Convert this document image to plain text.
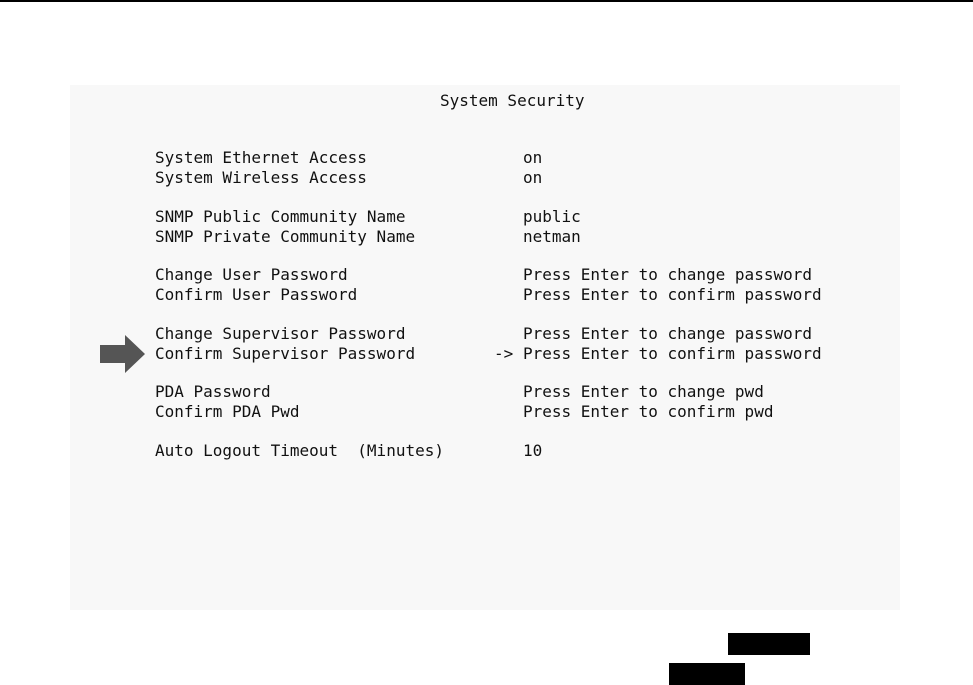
System Security
System Ethernet Access	on
System Wireless Access	on
SNMP Public Community Name	public
SNMP Private Community Name	netman
Change User Password	Press Enter to change password
Confirm User Password	Press Enter to confirm password
Change Supervisor Password	Press Enter to change password
Confirm Supervisor Password	-> Press Enter to confirm password
PDA Password	Press Enter to change pwd
Confirm PDA Pwd	Press Enter to confirm pwd
Auto Logout Timeout  (Minutes)	10
